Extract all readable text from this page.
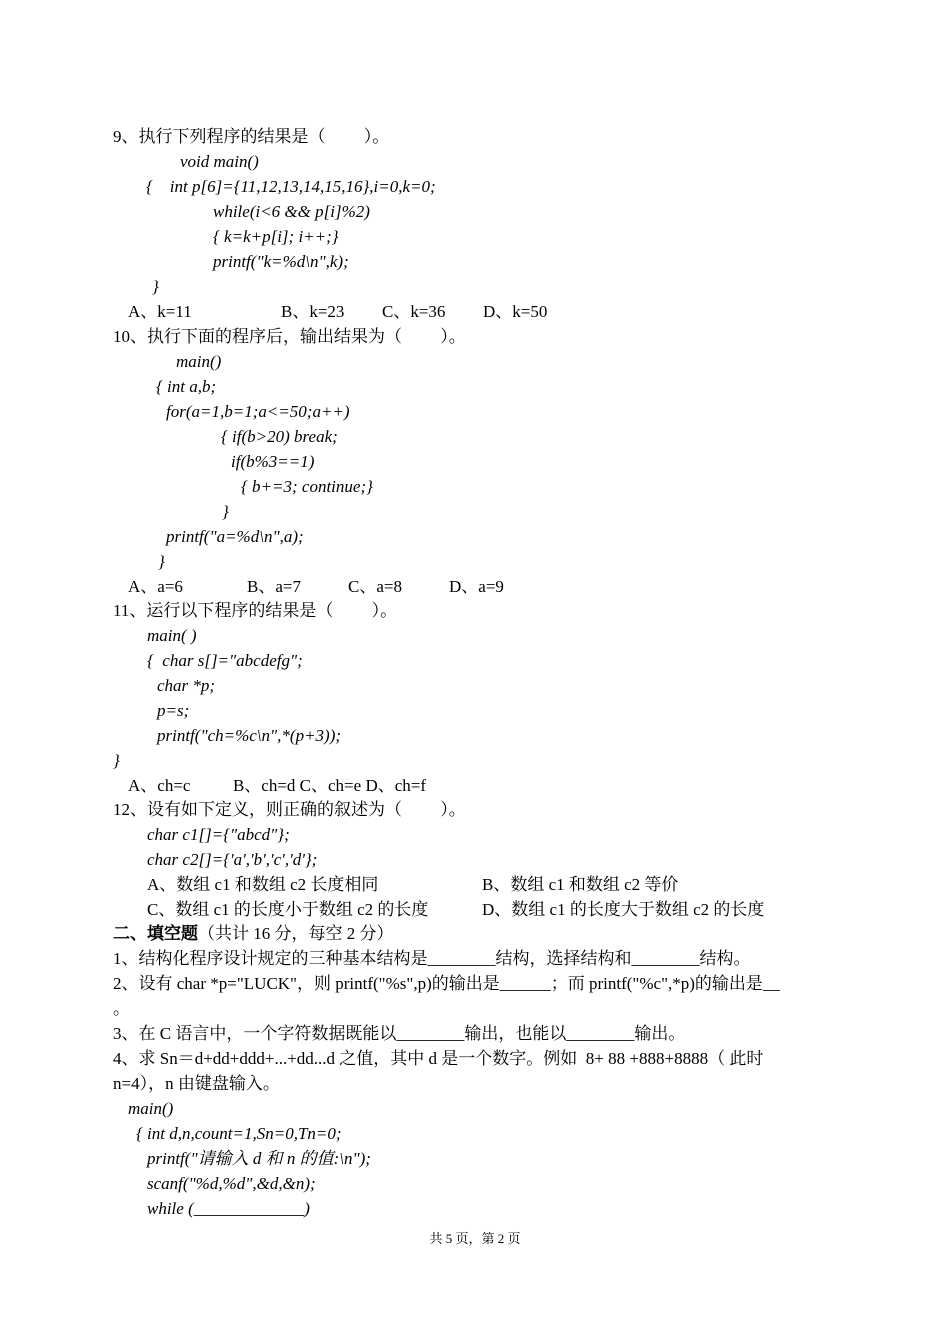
9、执行下列程序的结果是（　　 ）。
void main()
{    int p[6]={11,12,13,14,15,16},i=0,k=0;
while(i<6 && p[i]%2)
{ k=k+p[i]; i++;}
printf("k=%d\n",k);
}
A、k=11	B、k=23 C、k=36 D、k=50
10、执行下面的程序后，输出结果为（　　 ）。
main()
{ int a,b;
for(a=1,b=1;a<=50;a++)
{ if(b>20) break;
if(b%3==1)
{ b+=3; continue;}
}
printf("a=%d\n",a);
}
A、a=6	B、a=7	C、a=8	D、a=9
11、运行以下程序的结果是（　　 ）。
main( )
{  char s[]="abcdefg";
char *p;
p=s;
printf("ch=%c\n",*(p+3));
}
A、ch=c          B、ch=d C、ch=e D、ch=f
12、设有如下定义，则正确的叙述为（　　 ）。
char c1[]={"abcd"};
char c2[]={'a','b','c','d'};
A、数组 c1 和数组 c2 长度相同	B、数组 c1 和数组 c2 等价
C、数组 c1 的长度小于数组 c2 的长度	D、数组 c1 的长度大于数组 c2 的长度
二、填空题（共计 16 分，每空 2 分）
1、结构化程序设计规定的三种基本结构是________结构，选择结构和________结构。
2、设有 char *p="LUCK"，则 printf("%s",p)的输出是______；而 printf("%c",*p)的输出是__
。
3、在 C 语言中，一个字符数据既能以________输出，也能以________输出。
4、求 Sn＝d+dd+ddd+...+dd...d 之值，其中 d 是一个数字。例如  8+ 88 +888+8888（ 此时
n=4），n 由键盘输入。
main()
{ int d,n,count=1,Sn=0,Tn=0;
printf("请输入 d 和 n 的值:\n");
scanf("%d,%d",&d,&n);
while (_____________)
共 5 页，第 2 页
